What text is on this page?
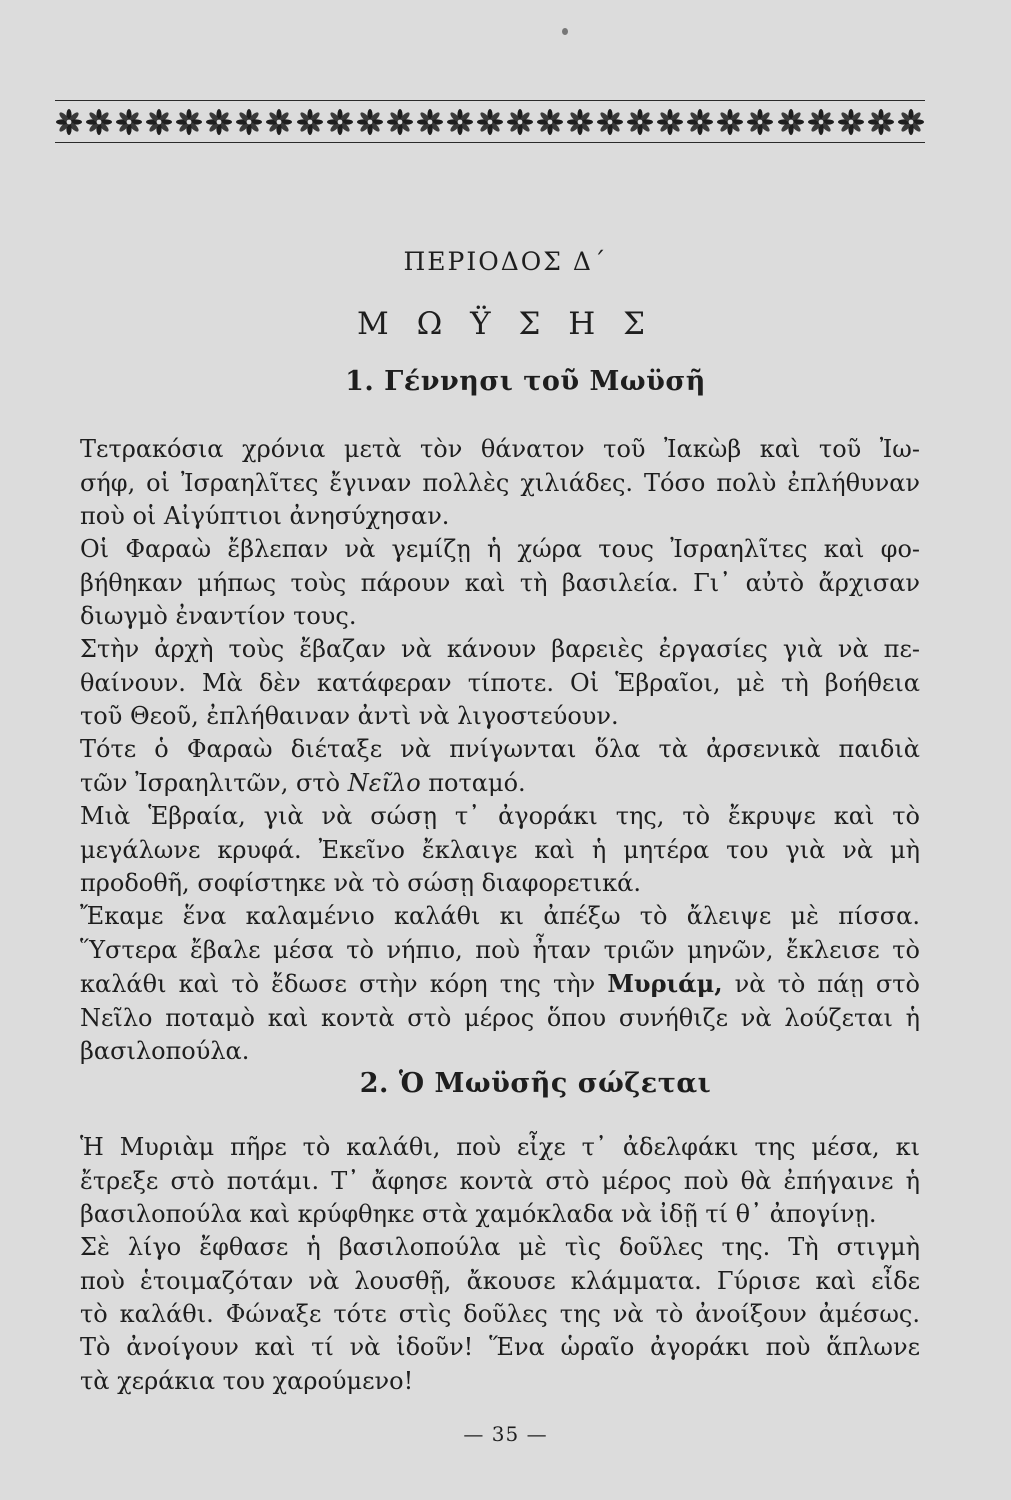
ΠΕΡΙΟΔΟΣ Δ΄
Μ Ω Ϋ Σ Η Σ
1. Γέννησι τοῦ Μωϋσῆ
Τετρακόσια χρόνια μετὰ τὸν θάνατον τοῦ Ἰακὼβ καὶ τοῦ Ἰω-
σήφ, οἱ Ἰσραηλῖτες ἔγιναν πολλὲς χιλιάδες. Τόσο πολὺ ἐπλήθυναν
ποὺ οἱ Αἰγύπτιοι ἀνησύχησαν.
Οἱ Φαραὼ ἔβλεπαν νὰ γεμίζῃ ἡ χώρα τους Ἰσραηλῖτες καὶ φο-
βήθηκαν μήπως τοὺς πάρουν καὶ τὴ βασιλεία. Γι᾽ αὐτὸ ἄρχισαν
διωγμὸ ἐναντίον τους.
Στὴν ἀρχὴ τοὺς ἔβαζαν νὰ κάνουν βαρειὲς ἐργασίες γιὰ νὰ πε-
θαίνουν. Μὰ δὲν κατάφεραν τίποτε. Οἱ Ἑβραῖοι, μὲ τὴ βοήθεια
τοῦ Θεοῦ, ἐπλήθαιναν ἀντὶ νὰ λιγοστεύουν.
Τότε ὁ Φαραὼ διέταξε νὰ πνίγωνται ὅλα τὰ ἀρσενικὰ παιδιὰ
τῶν Ἰσραηλιτῶν, στὸ Νεῖλο ποταμό.
Μιὰ Ἑβραία, γιὰ νὰ σώσῃ τ᾽ ἀγοράκι της, τὸ ἔκρυψε καὶ τὸ
μεγάλωνε κρυφά. Ἐκεῖνο ἔκλαιγε καὶ ἡ μητέρα του γιὰ νὰ μὴ
προδοθῆ, σοφίστηκε νὰ τὸ σώσῃ διαφορετικά.
Ἔκαμε ἕνα καλαμένιο καλάθι κι ἀπέξω τὸ ἄλειψε μὲ πίσσα.
Ὕστερα ἔβαλε μέσα τὸ νήπιο, ποὺ ἦταν τριῶν μηνῶν, ἔκλεισε τὸ
καλάθι καὶ τὸ ἔδωσε στὴν κόρη της τὴν Μυριάμ, νὰ τὸ πάῃ στὸ
Νεῖλο ποταμὸ καὶ κοντὰ στὸ μέρος ὅπου συνήθιζε νὰ λούζεται ἡ
βασιλοπούλα.
2. Ὁ Μωϋσῆς σώζεται
Ἡ Μυριὰμ πῆρε τὸ καλάθι, ποὺ εἶχε τ᾽ ἀδελφάκι της μέσα, κι
ἔτρεξε στὸ ποτάμι. Τ᾽ ἄφησε κοντὰ στὸ μέρος ποὺ θὰ ἐπήγαινε ἡ
βασιλοπούλα καὶ κρύφθηκε στὰ χαμόκλαδα νὰ ἰδῇ τί θ᾽ ἀπογίνῃ.
Σὲ λίγο ἔφθασε ἡ βασιλοπούλα μὲ τὶς δοῦλες της. Τὴ στιγμὴ
ποὺ ἑτοιμαζόταν νὰ λουσθῇ, ἄκουσε κλάμματα. Γύρισε καὶ εἶδε
τὸ καλάθι. Φώναξε τότε στὶς δοῦλες της νὰ τὸ ἀνοίξουν ἀμέσως.
Τὸ ἀνοίγουν καὶ τί νὰ ἰδοῦν! Ἕνα ὡραῖο ἀγοράκι ποὺ ἅπλωνε
τὰ χεράκια του χαρούμενο!
— 35 —
